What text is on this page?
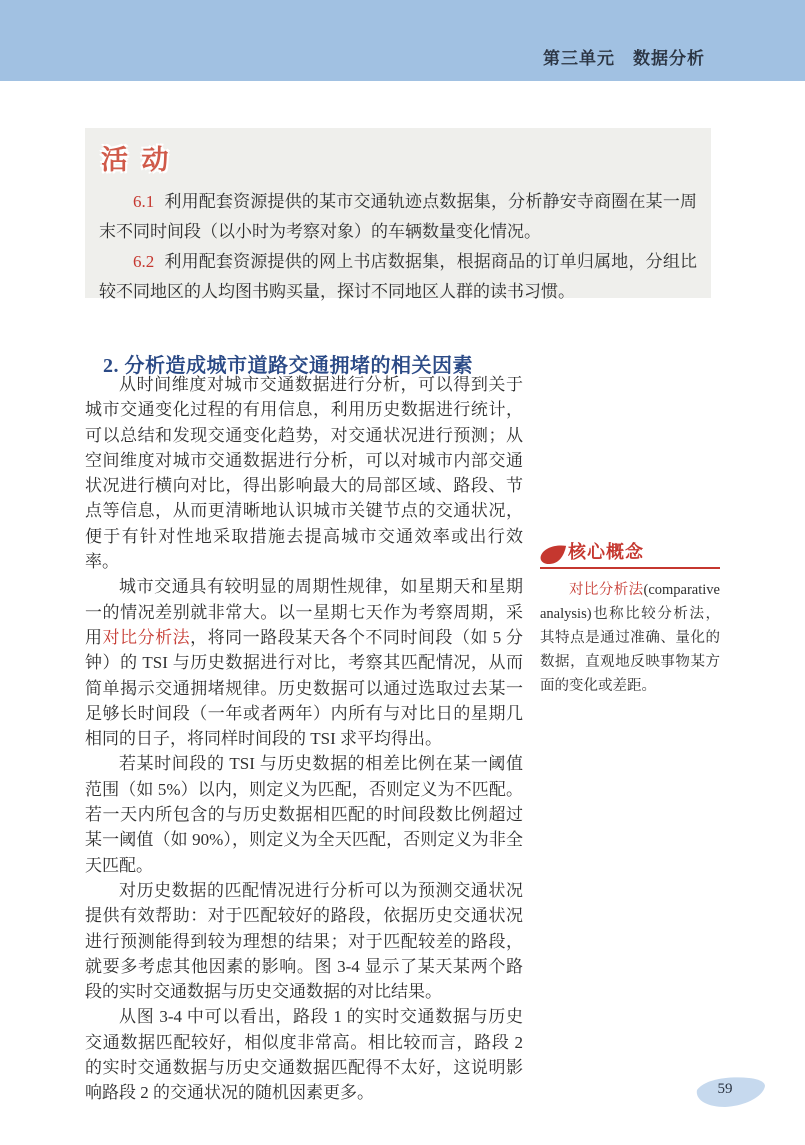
第三单元　数据分析
活 动

6.1 利用配套资源提供的某市交通轨迹点数据集，分析静安寺商圈在某一周末不同时间段（以小时为考察对象）的车辆数量变化情况。

6.2 利用配套资源提供的网上书店数据集，根据商品的订单归属地，分组比较不同地区的人均图书购买量，探讨不同地区人群的读书习惯。

2. 分析造成城市道路交通拥堵的相关因素

从时间维度对城市交通数据进行分析，可以得到关于城市交通变化过程的有用信息，利用历史数据进行统计，可以总结和发现交通变化趋势，对交通状况进行预测；从空间维度对城市交通数据进行分析，可以对城市内部交通状况进行横向对比，得出影响最大的局部区域、路段、节点等信息，从而更清晰地认识城市关键节点的交通状况，便于有针对性地采取措施去提高城市交通效率或出行效率。

城市交通具有较明显的周期性规律，如星期天和星期一的情况差别就非常大。以一星期七天作为考察周期，采用对比分析法，将同一路段某天各个不同时间段（如 5 分钟）的 TSI 与历史数据进行对比，考察其匹配情况，从而简单揭示交通拥堵规律。历史数据可以通过选取过去某一足够长时间段（一年或者两年）内所有与对比日的星期几相同的日子，将同样时间段的 TSI 求平均得出。

若某时间段的 TSI 与历史数据的相差比例在某一阈值范围（如 5%）以内，则定义为匹配，否则定义为不匹配。若一天内所包含的与历史数据相匹配的时间段数比例超过某一阈值（如 90%），则定义为全天匹配，否则定义为非全天匹配。

对历史数据的匹配情况进行分析可以为预测交通状况提供有效帮助：对于匹配较好的路段，依据历史交通状况进行预测能得到较为理想的结果；对于匹配较差的路段，就要多考虑其他因素的影响。图 3-4 显示了某天某两个路段的实时交通数据与历史交通数据的对比结果。

从图 3-4 中可以看出，路段 1 的实时交通数据与历史交通数据匹配较好，相似度非常高。相比较而言，路段 2 的实时交通数据与历史交通数据匹配得不太好，这说明影响路段 2 的交通状况的随机因素更多。

核心概念

对比分析法(comparative analysis)也称比较分析法，其特点是通过准确、量化的数据，直观地反映事物某方面的变化或差距。

59
